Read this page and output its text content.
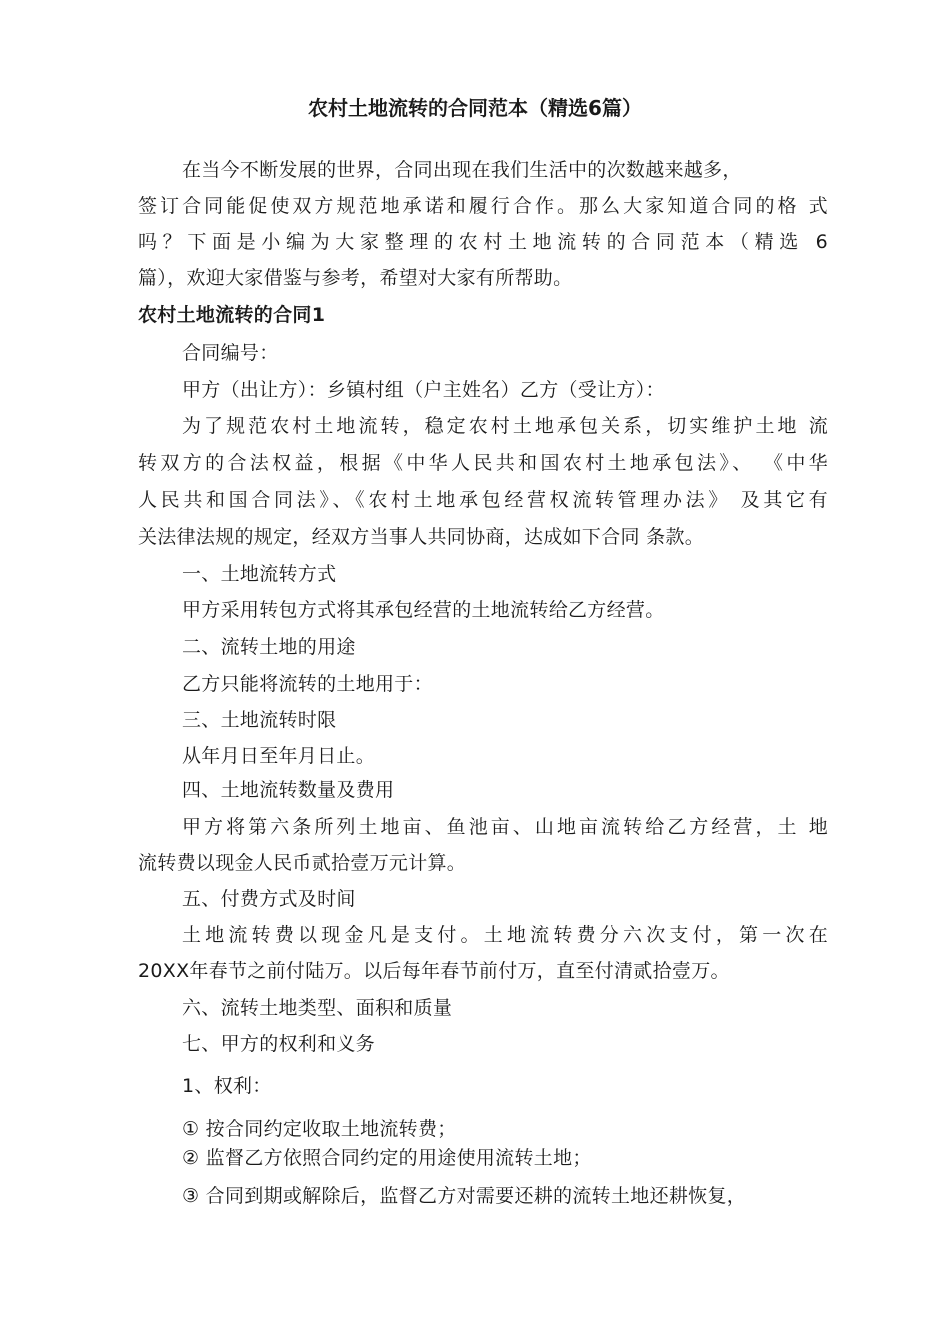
农村土地流转的合同范本（精选6篇）
在当今不断发展的世界，合同出现在我们生活中的次数越来越多，
签订合同能促使双方规范地承诺和履行合作。那么大家知道合同的格 式
吗？下面是小编为大家整理的农村土地流转的合同范本（精选 6
篇），欢迎大家借鉴与参考，希望对大家有所帮助。
农村土地流转的合同1
合同编号：
甲方（出让方）：乡镇村组（户主姓名）乙方（受让方）：
为了规范农村土地流转，稳定农村土地承包关系，切实维护土地 流
转双方的合法权益，根据《中华人民共和国农村土地承包法》、 《中华
人民共和国合同法》、《农村土地承包经营权流转管理办法》 及其它有
关法律法规的规定，经双方当事人共同协商，达成如下合同 条款。
一、土地流转方式
甲方采用转包方式将其承包经营的土地流转给乙方经营。
二、流转土地的用途
乙方只能将流转的土地用于：
三、土地流转时限
从年月日至年月日止。
四、土地流转数量及费用
甲方将第六条所列土地亩、鱼池亩、山地亩流转给乙方经营，土 地
流转费以现金人民币贰拾壹万元计算。
五、付费方式及时间
土地流转费以现金凡是支付。土地流转费分六次支付，第一次在
20XX年春节之前付陆万。以后每年春节前付万，直至付清贰拾壹万。
六、流转土地类型、面积和质量
七、甲方的权利和义务
1、权利：
① 按合同约定收取土地流转费；
② 监督乙方依照合同约定的用途使用流转土地；
③ 合同到期或解除后，监督乙方对需要还耕的流转土地还耕恢复，
